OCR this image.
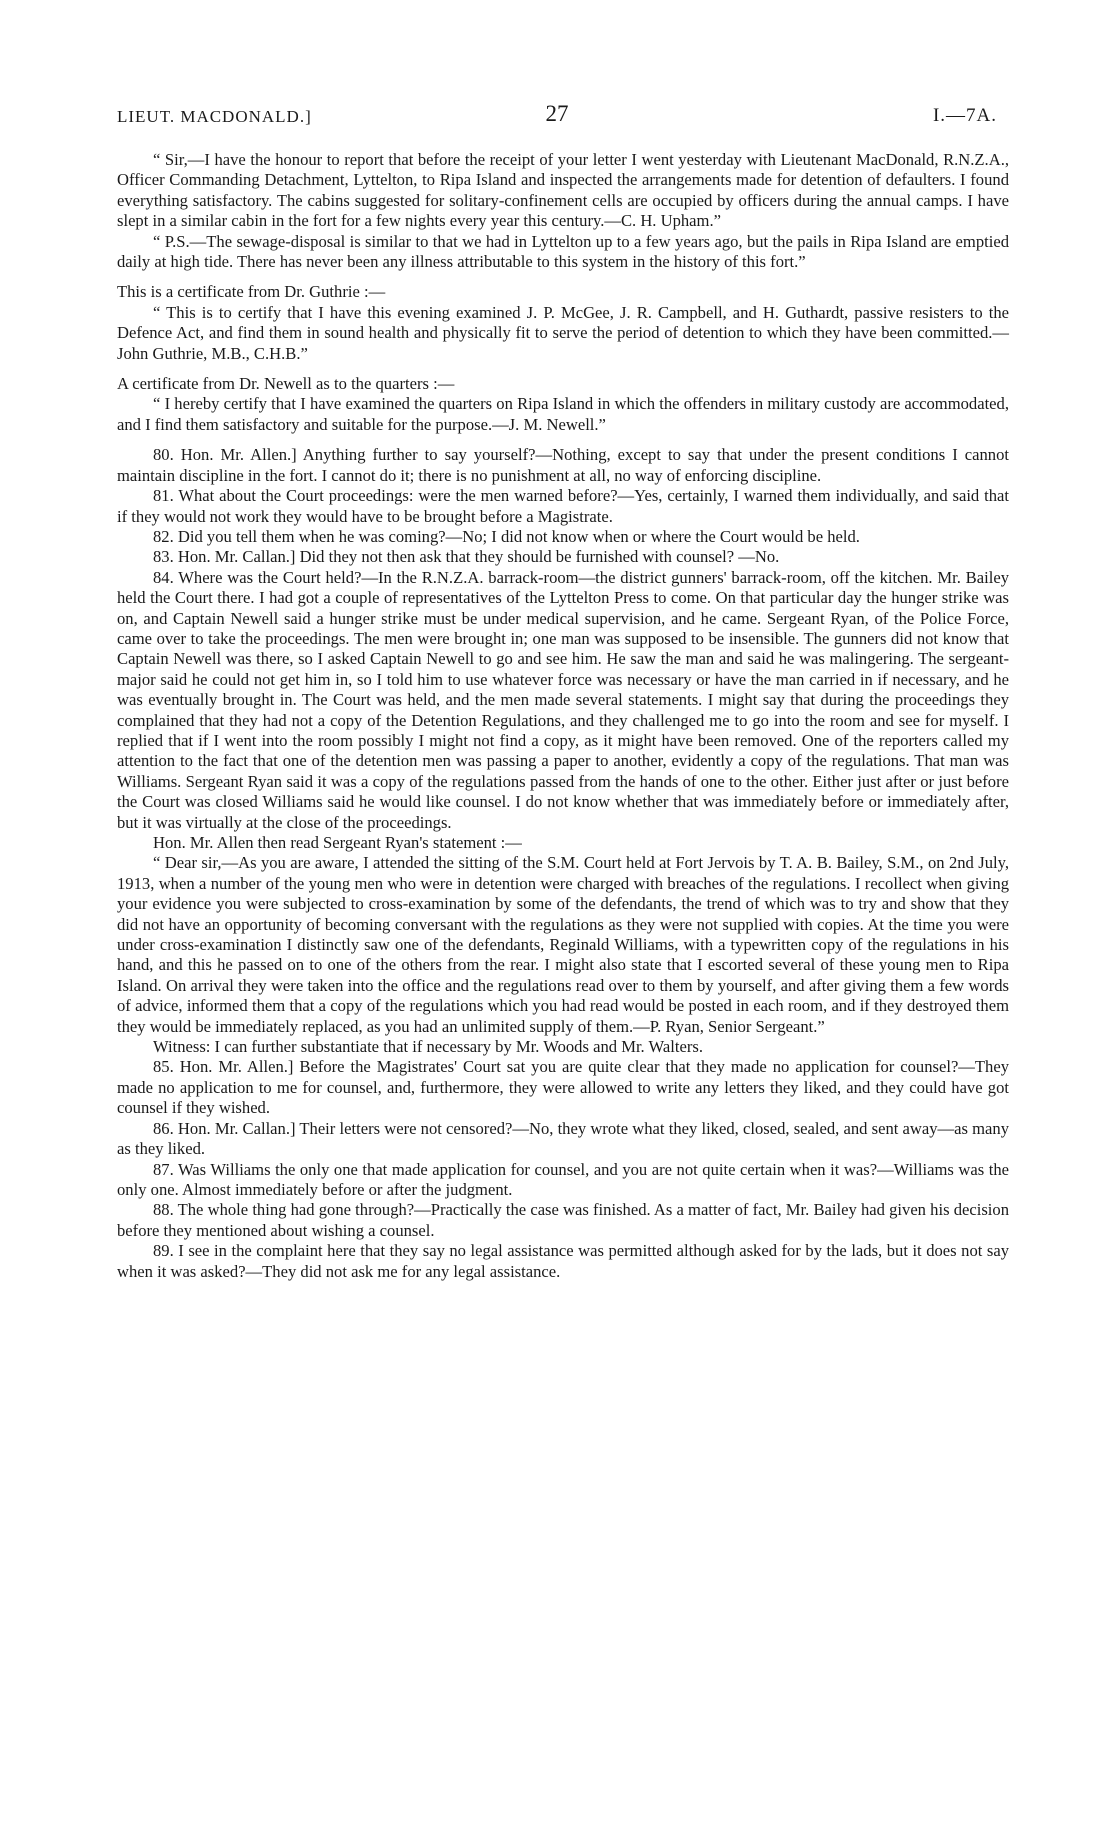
LIEUT. MACDONALD.]	27	I.—7A.

“ Sir,—I have the honour to report that before the receipt of your letter I went yesterday with Lieutenant MacDonald, R.N.Z.A., Officer Commanding Detachment, Lyttelton, to Ripa Island and inspected the arrangements made for detention of defaulters. I found everything satisfactory. The cabins suggested for solitary-confinement cells are occupied by officers during the annual camps. I have slept in a similar cabin in the fort for a few nights every year this century.—C. H. Upham.”

“ P.S.—The sewage-disposal is similar to that we had in Lyttelton up to a few years ago, but the pails in Ripa Island are emptied daily at high tide. There has never been any illness attributable to this system in the history of this fort.”

This is a certificate from Dr. Guthrie :—

“ This is to certify that I have this evening examined J. P. McGee, J. R. Campbell, and H. Guthardt, passive resisters to the Defence Act, and find them in sound health and physically fit to serve the period of detention to which they have been committed.—John Guthrie, M.B., C.H.B.”

A certificate from Dr. Newell as to the quarters :—

“ I hereby certify that I have examined the quarters on Ripa Island in which the offenders in military custody are accommodated, and I find them satisfactory and suitable for the purpose.—J. M. Newell.”

80. Hon. Mr. Allen.] Anything further to say yourself?—Nothing, except to say that under the present conditions I cannot maintain discipline in the fort. I cannot do it; there is no punishment at all, no way of enforcing discipline.

81. What about the Court proceedings: were the men warned before?—Yes, certainly, I warned them individually, and said that if they would not work they would have to be brought before a Magistrate.

82. Did you tell them when he was coming?—No; I did not know when or where the Court would be held.

83. Hon. Mr. Callan.] Did they not then ask that they should be furnished with counsel? —No.

84. Where was the Court held?—In the R.N.Z.A. barrack-room—the district gunners' barrack-room, off the kitchen. Mr. Bailey held the Court there. I had got a couple of representatives of the Lyttelton Press to come. On that particular day the hunger strike was on, and Captain Newell said a hunger strike must be under medical supervision, and he came. Sergeant Ryan, of the Police Force, came over to take the proceedings. The men were brought in; one man was supposed to be insensible. The gunners did not know that Captain Newell was there, so I asked Captain Newell to go and see him. He saw the man and said he was malingering. The sergeant-major said he could not get him in, so I told him to use whatever force was necessary or have the man carried in if necessary, and he was eventually brought in. The Court was held, and the men made several statements. I might say that during the proceedings they complained that they had not a copy of the Detention Regulations, and they challenged me to go into the room and see for myself. I replied that if I went into the room possibly I might not find a copy, as it might have been removed. One of the reporters called my attention to the fact that one of the detention men was passing a paper to another, evidently a copy of the regulations. That man was Williams. Sergeant Ryan said it was a copy of the regulations passed from the hands of one to the other. Either just after or just before the Court was closed Williams said he would like counsel. I do not know whether that was immediately before or immediately after, but it was virtually at the close of the proceedings.

Hon. Mr. Allen then read Sergeant Ryan's statement :—

“ Dear sir,—As you are aware, I attended the sitting of the S.M. Court held at Fort Jervois by T. A. B. Bailey, S.M., on 2nd July, 1913, when a number of the young men who were in detention were charged with breaches of the regulations. I recollect when giving your evidence you were subjected to cross-examination by some of the defendants, the trend of which was to try and show that they did not have an opportunity of becoming conversant with the regulations as they were not supplied with copies. At the time you were under cross-examination I distinctly saw one of the defendants, Reginald Williams, with a typewritten copy of the regulations in his hand, and this he passed on to one of the others from the rear. I might also state that I escorted several of these young men to Ripa Island. On arrival they were taken into the office and the regulations read over to them by yourself, and after giving them a few words of advice, informed them that a copy of the regulations which you had read would be posted in each room, and if they destroyed them they would be immediately replaced, as you had an unlimited supply of them.—P. Ryan, Senior Sergeant.”

Witness: I can further substantiate that if necessary by Mr. Woods and Mr. Walters.

85. Hon. Mr. Allen.] Before the Magistrates' Court sat you are quite clear that they made no application for counsel?—They made no application to me for counsel, and, furthermore, they were allowed to write any letters they liked, and they could have got counsel if they wished.

86. Hon. Mr. Callan.] Their letters were not censored?—No, they wrote what they liked, closed, sealed, and sent away—as many as they liked.

87. Was Williams the only one that made application for counsel, and you are not quite certain when it was?—Williams was the only one. Almost immediately before or after the judgment.

88. The whole thing had gone through?—Practically the case was finished. As a matter of fact, Mr. Bailey had given his decision before they mentioned about wishing a counsel.

89. I see in the complaint here that they say no legal assistance was permitted although asked for by the lads, but it does not say when it was asked?—They did not ask me for any legal assistance.
